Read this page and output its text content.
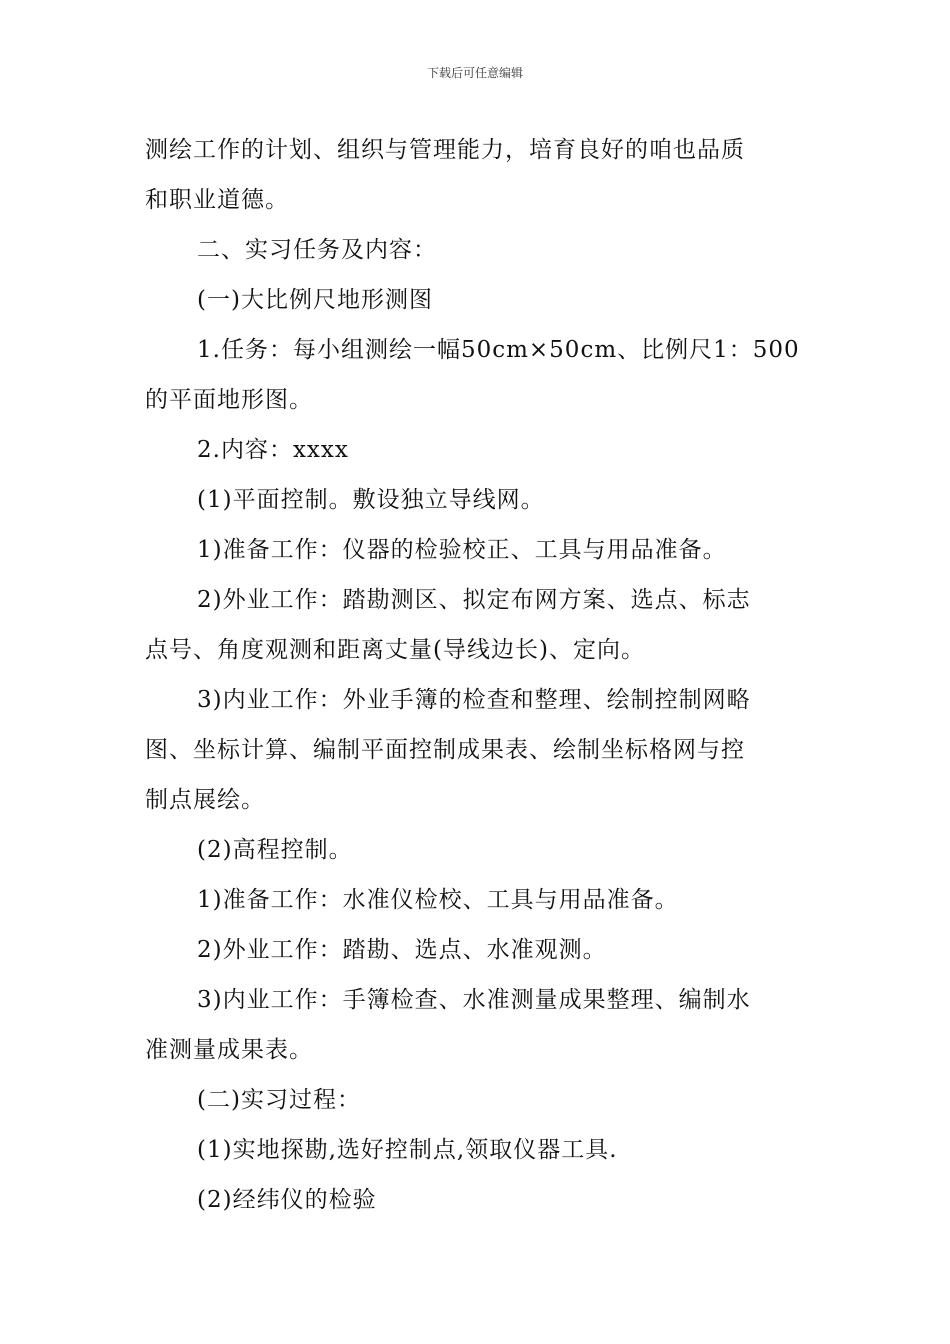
下载后可任意编辑

测绘工作的计划、组织与管理能力，培育良好的咱也品质

和职业道德。

二、实习任务及内容：

(一)大比例尺地形测图

1.任务：每小组测绘一幅50cm×50cm、比例尺1：500

的平面地形图。

2.内容：xxxx

(1)平面控制。敷设独立导线网。

1)准备工作：仪器的检验校正、工具与用品准备。

2)外业工作：踏勘测区、拟定布网方案、选点、标志

点号、角度观测和距离丈量(导线边长)、定向。

3)内业工作：外业手簿的检查和整理、绘制控制网略

图、坐标计算、编制平面控制成果表、绘制坐标格网与控

制点展绘。

(2)高程控制。

1)准备工作：水准仪检校、工具与用品准备。

2)外业工作：踏勘、选点、水准观测。

3)内业工作：手簿检查、水准测量成果整理、编制水

准测量成果表。

(二)实习过程：

(1)实地探勘,选好控制点,领取仪器工具.

(2)经纬仪的检验
